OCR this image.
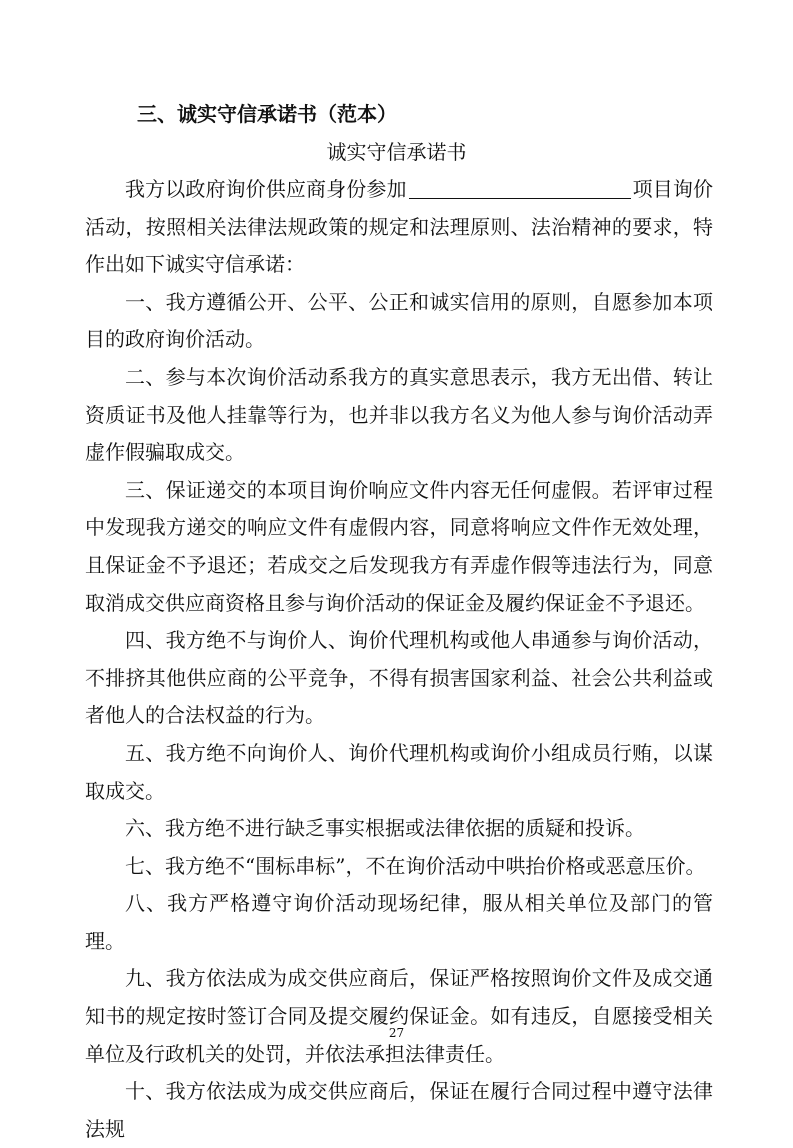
三、诚实守信承诺书（范本）
诚实守信承诺书

我方以政府询价供应商身份参加	项目询价活动，按照相关法律法规政策的规定和法理原则、法治精神的要求，特作出如下诚实守信承诺：

一、我方遵循公开、公平、公正和诚实信用的原则，自愿参加本项目的政府询价活动。

二、参与本次询价活动系我方的真实意思表示，我方无出借、转让资质证书及他人挂靠等行为，也并非以我方名义为他人参与询价活动弄虚作假骗取成交。

三、保证递交的本项目询价响应文件内容无任何虚假。若评审过程中发现我方递交的响应文件有虚假内容，同意将响应文件作无效处理，且保证金不予退还；若成交之后发现我方有弄虚作假等违法行为，同意取消成交供应商资格且参与询价活动的保证金及履约保证金不予退还。

四、我方绝不与询价人、询价代理机构或他人串通参与询价活动，不排挤其他供应商的公平竞争，不得有损害国家利益、社会公共利益或者他人的合法权益的行为。

五、我方绝不向询价人、询价代理机构或询价小组成员行贿，以谋取成交。

六、我方绝不进行缺乏事实根据或法律依据的质疑和投诉。

七、我方绝不“围标串标”，不在询价活动中哄抬价格或恶意压价。

八、我方严格遵守询价活动现场纪律，服从相关单位及部门的管理。

九、我方依法成为成交供应商后，保证严格按照询价文件及成交通知书的规定按时签订合同及提交履约保证金。如有违反，自愿接受相关单位及行政机关的处罚，并依法承担法律责任。

十、我方依法成为成交供应商后，保证在履行合同过程中遵守法律法规

27
